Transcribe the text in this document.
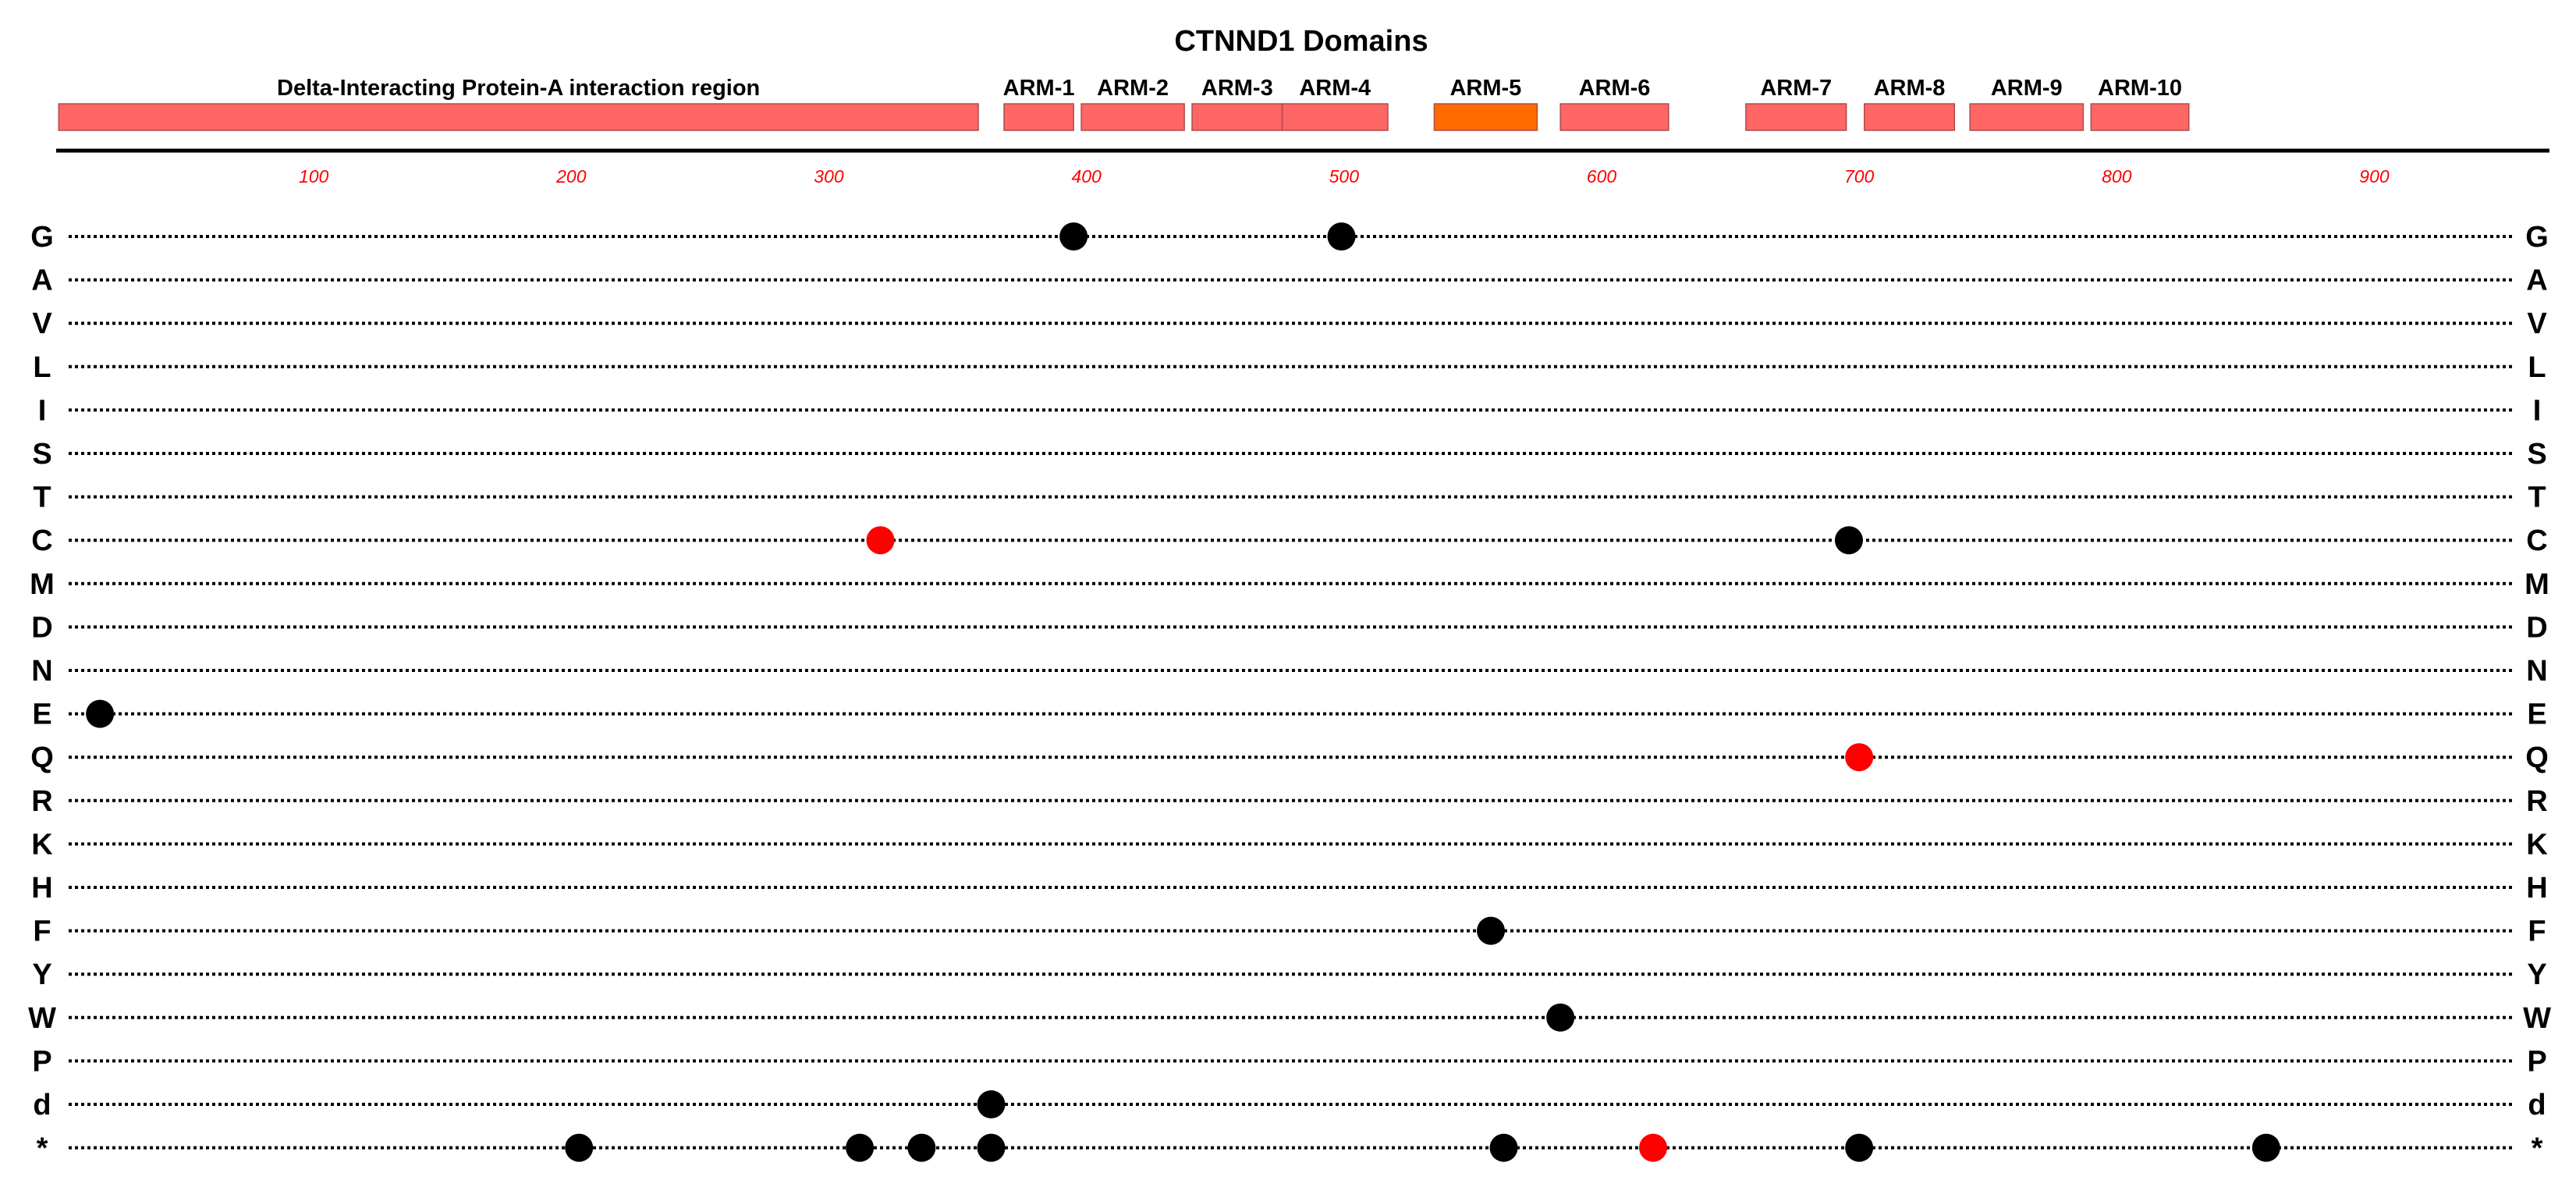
CTNND1 Domains
Delta-Interacting Protein-A interaction region	ARM-1 ARM-2 ARM-3 ARM-4	ARM-5	ARM-6	ARM-7 ARM-8 ARM-9 ARM-10
100	200	300	400	500	600	700	800	900
G	G
A	A
V	V
L	L
I	I
S	S
T	T
C	C
M	M
D	D
N	N
E	E
Q	Q
R	R
K	K
H	H
F	F
Y	Y
W	W
P	P
d	d
*	*
